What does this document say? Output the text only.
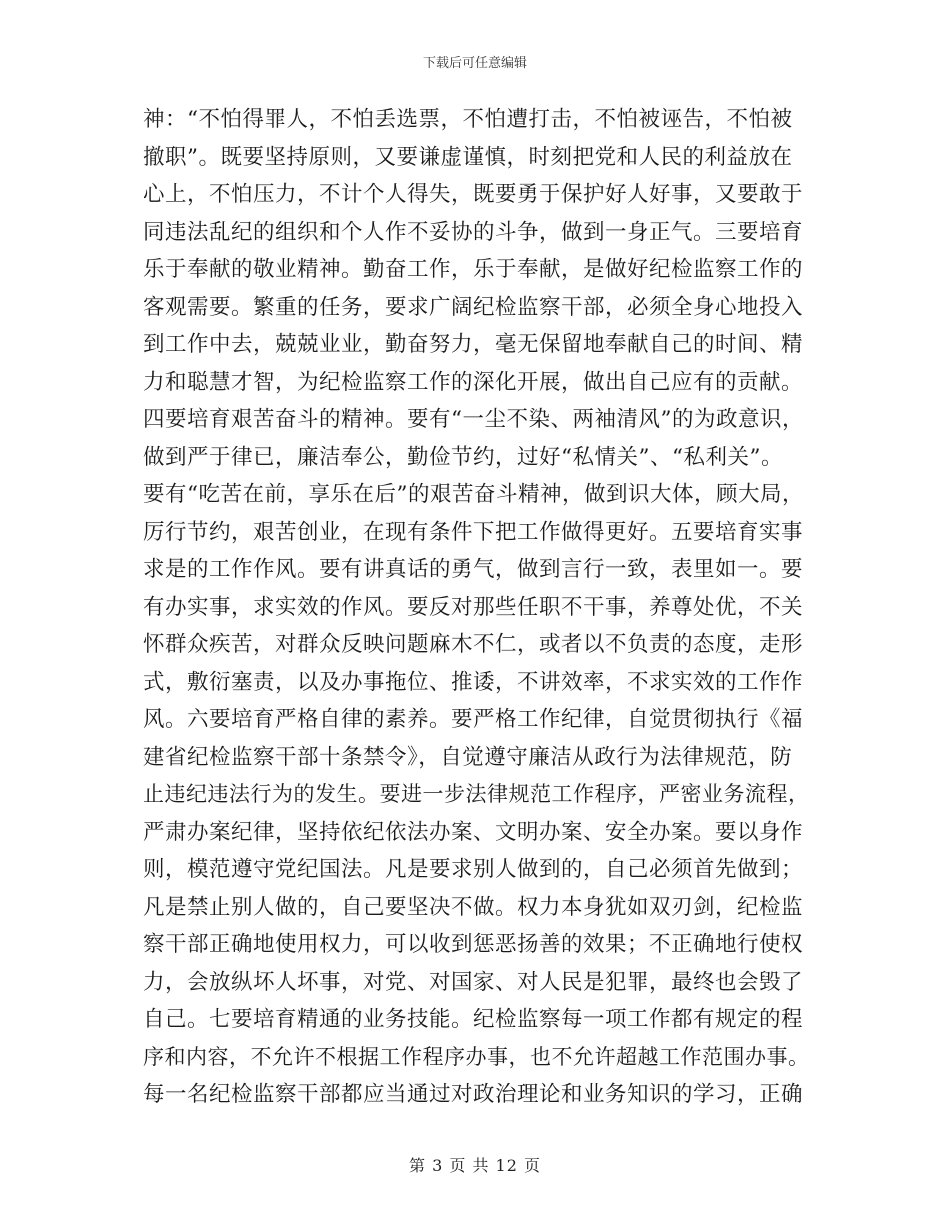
下载后可任意编辑
神：“不怕得罪人，不怕丢选票，不怕遭打击，不怕被诬告，不怕被
撤职”。既要坚持原则，又要谦虚谨慎，时刻把党和人民的利益放在
心上，不怕压力，不计个人得失，既要勇于保护好人好事，又要敢于
同违法乱纪的组织和个人作不妥协的斗争，做到一身正气。三要培育
乐于奉献的敬业精神。勤奋工作，乐于奉献，是做好纪检监察工作的
客观需要。繁重的任务，要求广阔纪检监察干部，必须全身心地投入
到工作中去，兢兢业业，勤奋努力，毫无保留地奉献自己的时间、精
力和聪慧才智，为纪检监察工作的深化开展，做出自己应有的贡献。
四要培育艰苦奋斗的精神。要有“一尘不染、两袖清风”的为政意识，
做到严于律已，廉洁奉公，勤俭节约，过好“私情关”、“私利关”。
要有“吃苦在前，享乐在后”的艰苦奋斗精神，做到识大体，顾大局，
厉行节约，艰苦创业，在现有条件下把工作做得更好。五要培育实事
求是的工作作风。要有讲真话的勇气，做到言行一致，表里如一。要
有办实事，求实效的作风。要反对那些任职不干事，养尊处优，不关
怀群众疾苦，对群众反映问题麻木不仁，或者以不负责的态度，走形
式，敷衍塞责，以及办事拖位、推诿，不讲效率，不求实效的工作作
风。六要培育严格自律的素养。要严格工作纪律，自觉贯彻执行《福
建省纪检监察干部十条禁令》，自觉遵守廉洁从政行为法律规范，防
止违纪违法行为的发生。要进一步法律规范工作程序，严密业务流程，
严肃办案纪律，坚持依纪依法办案、文明办案、安全办案。要以身作
则，模范遵守党纪国法。凡是要求别人做到的，自己必须首先做到；
凡是禁止别人做的，自己要坚决不做。权力本身犹如双刃剑，纪检监
察干部正确地使用权力，可以收到惩恶扬善的效果；不正确地行使权
力，会放纵坏人坏事，对党、对国家、对人民是犯罪，最终也会毁了
自己。七要培育精通的业务技能。纪检监察每一项工作都有规定的程
序和内容，不允许不根据工作程序办事，也不允许超越工作范围办事。
每一名纪检监察干部都应当通过对政治理论和业务知识的学习，正确
第 3 页 共 12 页
